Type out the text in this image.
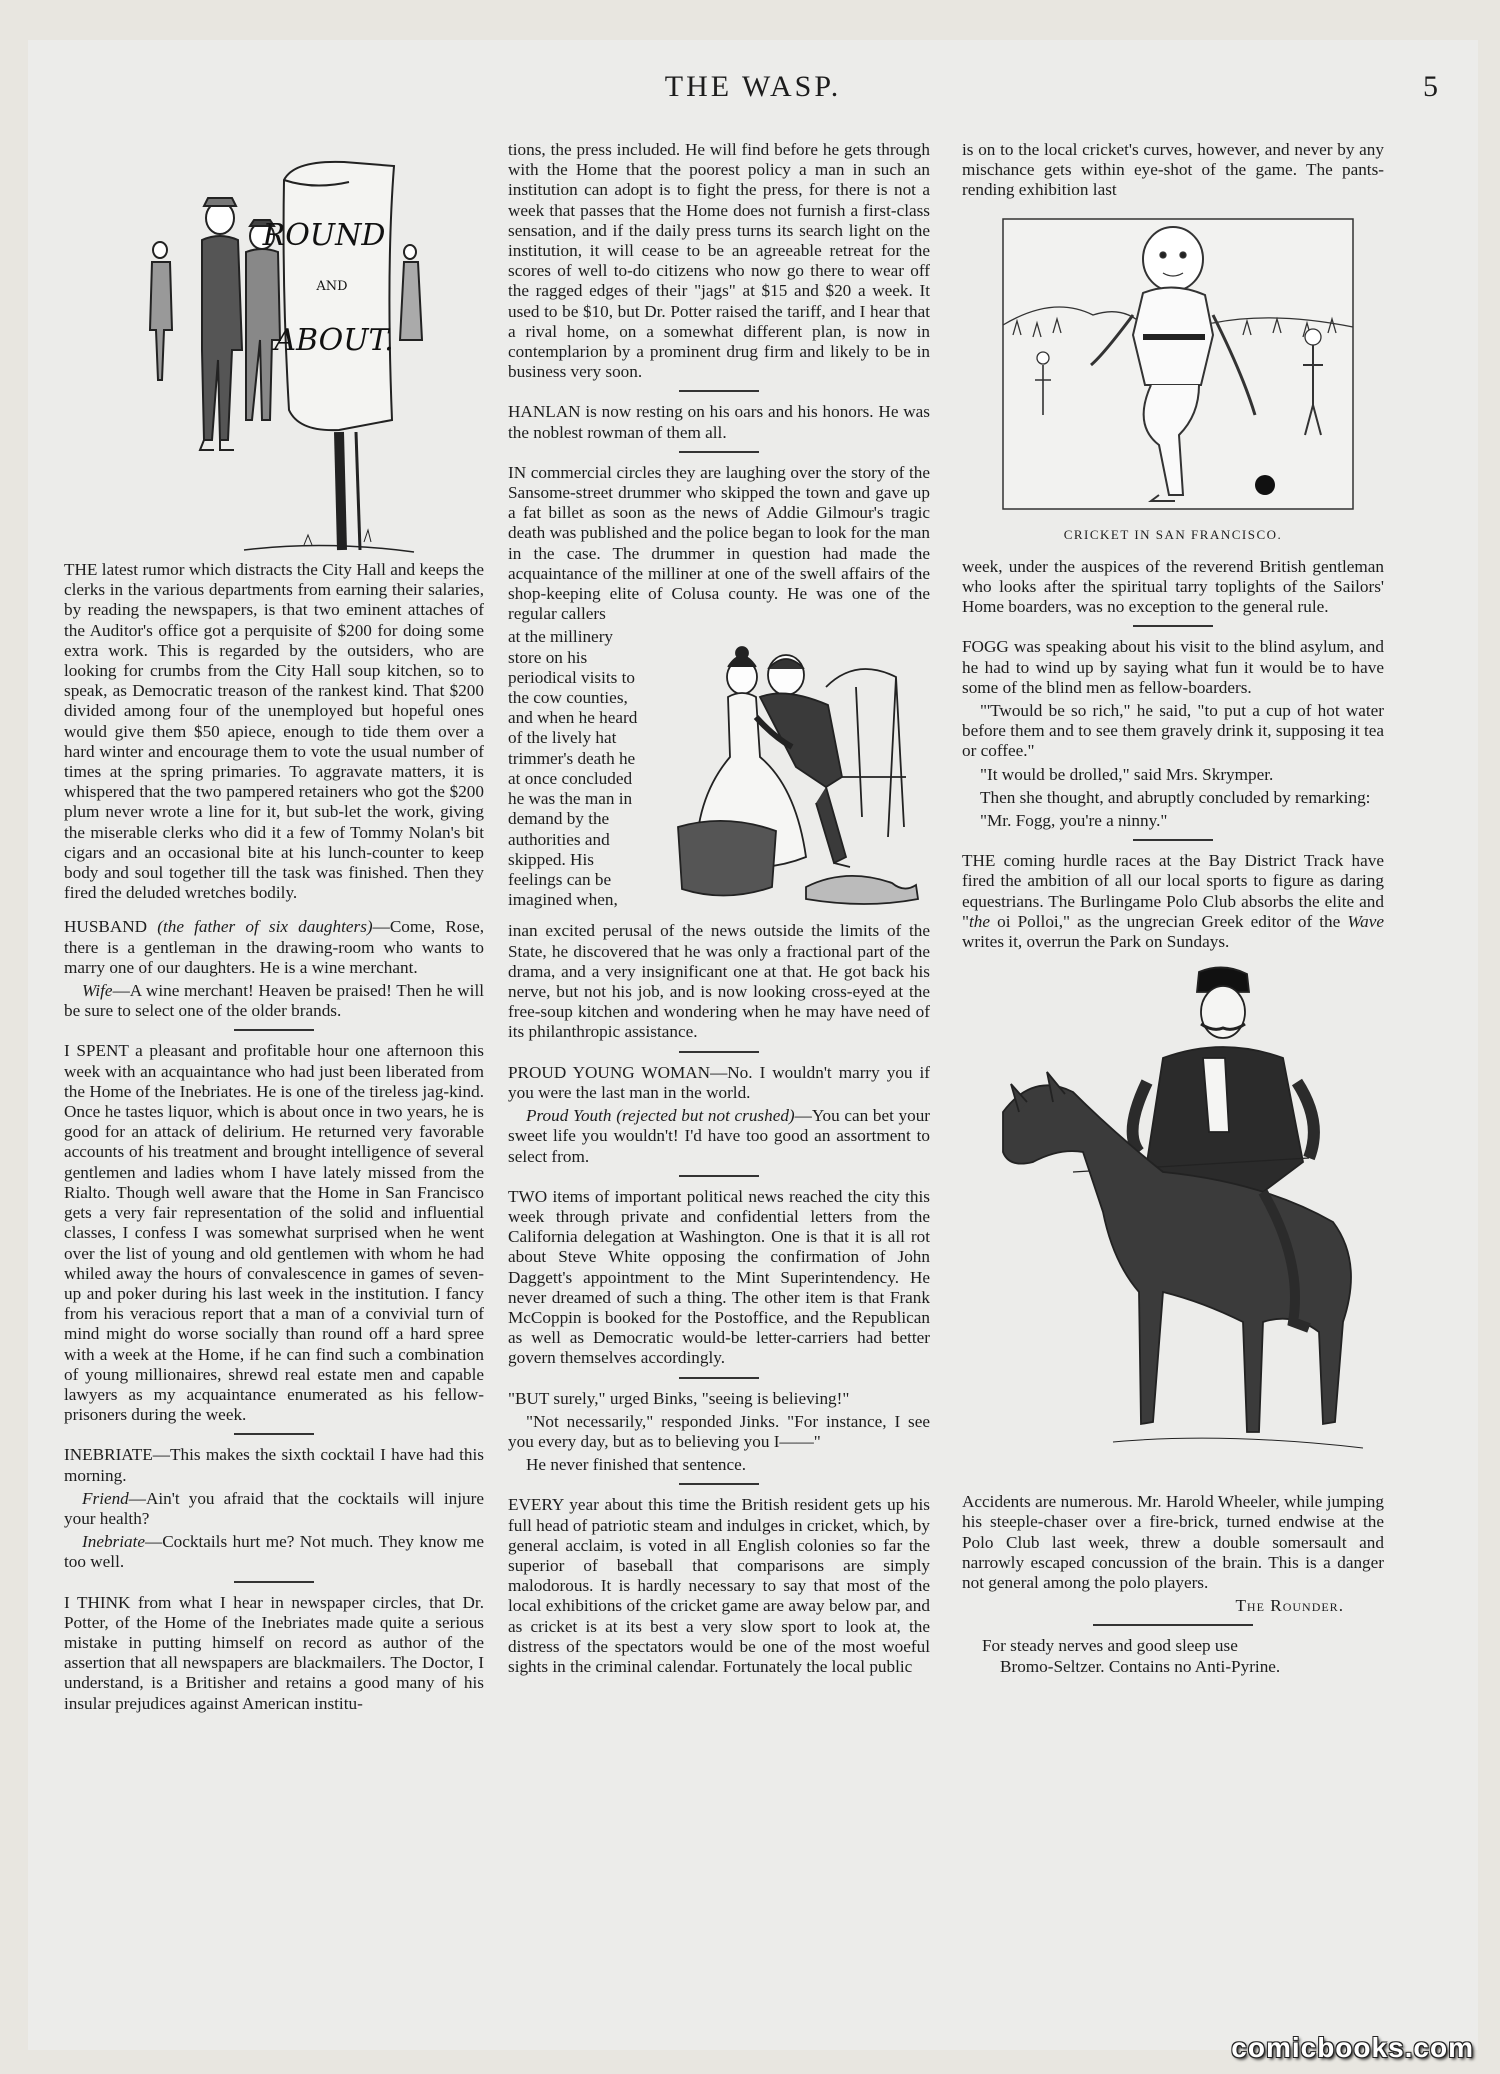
THE WASP.	5
ROUND
AND
ABOUT.

THE latest rumor which distracts the City Hall and keeps the clerks in the various departments from earning their salaries, by reading the newspapers, is that two eminent attaches of the Auditor's office got a perquisite of $200 for doing some extra work. This is regarded by the outsiders, who are looking for crumbs from the City Hall soup kitchen, so to speak, as Democratic treason of the rankest kind. That $200 divided among four of the unemployed but hopeful ones would give them $50 apiece, enough to tide them over a hard winter and encourage them to vote the usual number of times at the spring primaries. To aggravate matters, it is whispered that the two pampered retainers who got the $200 plum never wrote a line for it, but sub-let the work, giving the miserable clerks who did it a few of Tommy Nolan's bit cigars and an occasional bite at his lunch-counter to keep body and soul together till the task was finished. Then they fired the deluded wretches bodily.

HUSBAND (the father of six daughters)—Come, Rose, there is a gentleman in the drawing-room who wants to marry one of our daughters. He is a wine merchant.

Wife—A wine merchant! Heaven be praised! Then he will be sure to select one of the older brands.

I SPENT a pleasant and profitable hour one afternoon this week with an acquaintance who had just been liberated from the Home of the Inebriates. He is one of the tireless jag-kind. Once he tastes liquor, which is about once in two years, he is good for an attack of delirium. He returned very favorable accounts of his treatment and brought intelligence of several gentlemen and ladies whom I have lately missed from the Rialto. Though well aware that the Home in San Francisco gets a very fair representation of the solid and influential classes, I confess I was somewhat surprised when he went over the list of young and old gentlemen with whom he had whiled away the hours of convalescence in games of seven-up and poker during his last week in the institution. I fancy from his veracious report that a man of a convivial turn of mind might do worse socially than round off a hard spree with a week at the Home, if he can find such a combination of young millionaires, shrewd real estate men and capable lawyers as my acquaintance enumerated as his fellow-prisoners during the week.

INEBRIATE—This makes the sixth cocktail I have had this morning.

Friend—Ain't you afraid that the cocktails will injure your health?

Inebriate—Cocktails hurt me? Not much. They know me too well.

I THINK from what I hear in newspaper circles, that Dr. Potter, of the Home of the Inebriates made quite a serious mistake in putting himself on record as author of the assertion that all newspapers are blackmailers. The Doctor, I understand, is a Britisher and retains a good many of his insular prejudices against American institu-

tions, the press included. He will find before he gets through with the Home that the poorest policy a man in such an institution can adopt is to fight the press, for there is not a week that passes that the Home does not furnish a first-class sensation, and if the daily press turns its search light on the institution, it will cease to be an agreeable retreat for the scores of well to-do citizens who now go there to wear off the ragged edges of their "jags" at $15 and $20 a week. It used to be $10, but Dr. Potter raised the tariff, and I hear that a rival home, on a somewhat different plan, is now in contemplarion by a prominent drug firm and likely to be in business very soon.

HANLAN is now resting on his oars and his honors. He was the noblest rowman of them all.

IN commercial circles they are laughing over the story of the Sansome-street drummer who skipped the town and gave up a fat billet as soon as the news of Addie Gilmour's tragic death was published and the police began to look for the man in the case. The drummer in question had made the acquaintance of the milliner at one of the swell affairs of the shop-keeping elite of Colusa county. He was one of the regular callers

at the millinery store on his periodical visits to the cow counties, and when he heard of the lively hat trimmer's death he at once concluded he was the man in demand by the authorities and skipped. His feelings can be imagined when,

inan excited perusal of the news outside the limits of the State, he discovered that he was only a fractional part of the drama, and a very insignificant one at that. He got back his nerve, but not his job, and is now looking cross-eyed at the free-soup kitchen and wondering when he may have need of its philanthropic assistance.

PROUD YOUNG WOMAN—No. I wouldn't marry you if you were the last man in the world.

Proud Youth (rejected but not crushed)—You can bet your sweet life you wouldn't! I'd have too good an assortment to select from.

TWO items of important political news reached the city this week through private and confidential letters from the California delegation at Washington. One is that it is all rot about Steve White opposing the confirmation of John Daggett's appointment to the Mint Superintendency. He never dreamed of such a thing. The other item is that Frank McCoppin is booked for the Postoffice, and the Republican as well as Democratic would-be letter-carriers had better govern themselves accordingly.

"BUT surely," urged Binks, "seeing is believing!"

"Not necessarily," responded Jinks. "For instance, I see you every day, but as to believing you I——"

He never finished that sentence.

EVERY year about this time the British resident gets up his full head of patriotic steam and indulges in cricket, which, by general acclaim, is voted in all English colonies so far the superior of baseball that comparisons are simply malodorous. It is hardly necessary to say that most of the local exhibitions of the cricket game are away below par, and as cricket is at its best a very slow sport to look at, the distress of the spectators would be one of the most woeful sights in the criminal calendar. Fortunately the local public

is on to the local cricket's curves, however, and never by any mischance gets within eye-shot of the game. The pants-rending exhibition last

CRICKET IN SAN FRANCISCO.

week, under the auspices of the reverend British gentleman who looks after the spiritual tarry toplights of the Sailors' Home boarders, was no exception to the general rule.

FOGG was speaking about his visit to the blind asylum, and he had to wind up by saying what fun it would be to have some of the blind men as fellow-boarders.

"'Twould be so rich," he said, "to put a cup of hot water before them and to see them gravely drink it, supposing it tea or coffee."

"It would be drolled," said Mrs. Skrymper.

Then she thought, and abruptly concluded by remarking:

"Mr. Fogg, you're a ninny."

THE coming hurdle races at the Bay District Track have fired the ambition of all our local sports to figure as daring equestrians. The Burlingame Polo Club absorbs the elite and "the oi Polloi," as the ungrecian Greek editor of the Wave writes it, overrun the Park on Sundays.

Accidents are numerous. Mr. Harold Wheeler, while jumping his steeple-chaser over a fire-brick, turned endwise at the Polo Club last week, threw a double somersault and narrowly escaped concussion of the brain. This is a danger not general among the polo players.

The Rounder.
For steady nerves and good sleep use
Bromo-Seltzer. Contains no Anti-Pyrine.
comicbooks.com
